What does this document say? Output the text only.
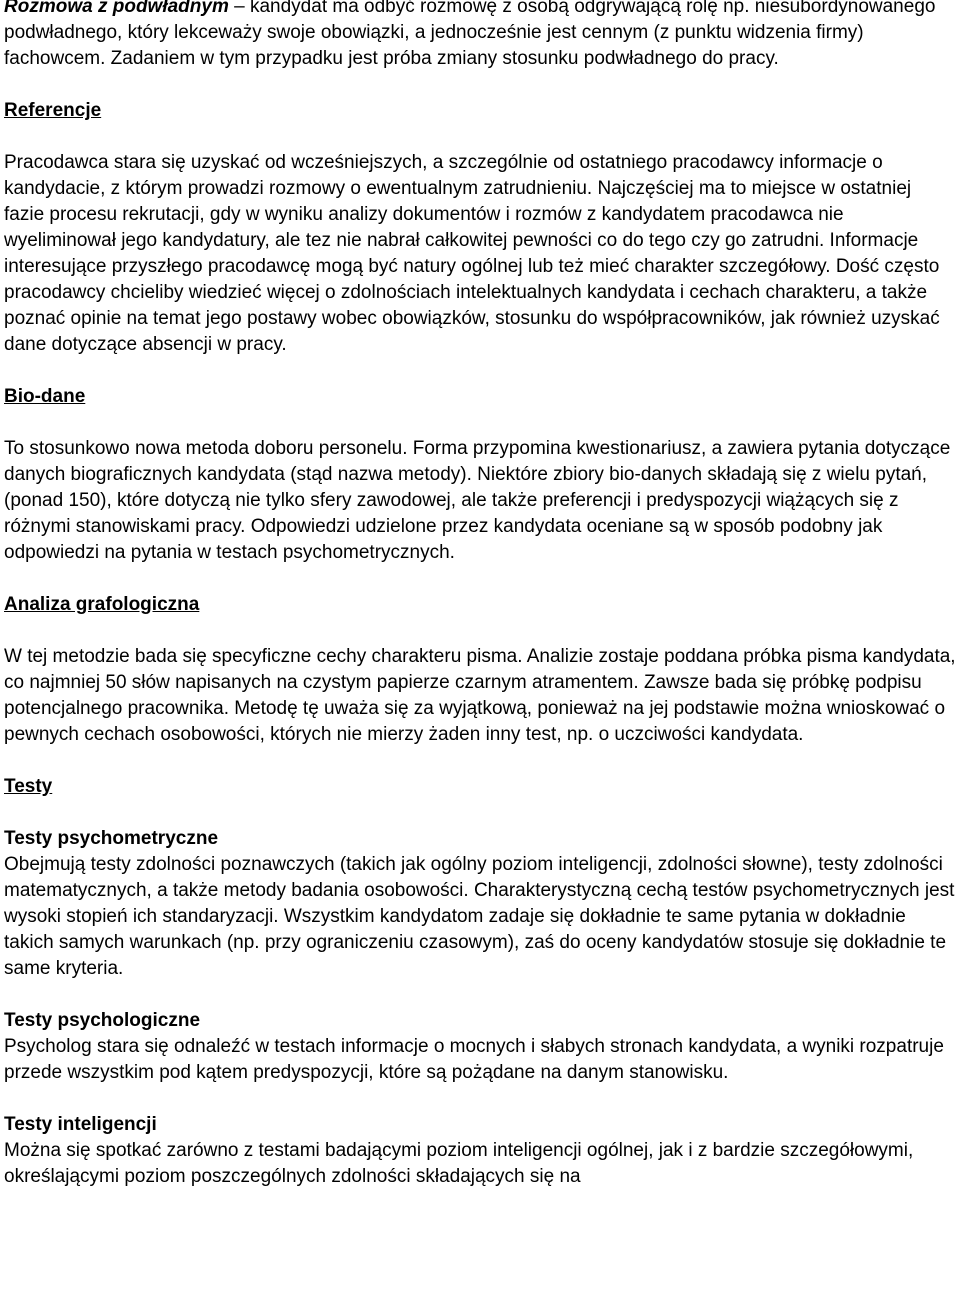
Rozmowa z podwładnym – kandydat ma odbyć rozmowę z osobą odgrywającą rolę np. niesubordynowanego podwładnego, który lekceważy swoje obowiązki, a jednocześnie jest cennym (z punktu widzenia firmy) fachowcem. Zadaniem w tym przypadku jest próba zmiany stosunku podwładnego do pracy.

Referencje

Pracodawca stara się uzyskać od wcześniejszych, a szczególnie od ostatniego pracodawcy informacje o kandydacie, z którym prowadzi rozmowy o ewentualnym zatrudnieniu. Najczęściej ma to miejsce w ostatniej fazie procesu rekrutacji, gdy w wyniku analizy dokumentów i rozmów z kandydatem pracodawca nie wyeliminował jego kandydatury, ale tez nie nabrał całkowitej pewności co do tego czy go zatrudni. Informacje interesujące przyszłego pracodawcę mogą być natury ogólnej lub też mieć charakter szczegółowy. Dość często pracodawcy chcieliby wiedzieć więcej o zdolnościach intelektualnych kandydata i cechach charakteru, a także poznać opinie na temat jego postawy wobec obowiązków, stosunku do współpracowników, jak również uzyskać dane dotyczące absencji w pracy.

Bio-dane

To stosunkowo nowa metoda doboru personelu. Forma przypomina kwestionariusz, a zawiera pytania dotyczące danych biograficznych kandydata (stąd nazwa metody). Niektóre zbiory bio-danych składają się z wielu pytań, (ponad 150), które dotyczą nie tylko sfery zawodowej, ale także preferencji i predyspozycji wiążących się z różnymi stanowiskami pracy. Odpowiedzi udzielone przez kandydata oceniane są w sposób podobny jak odpowiedzi na pytania w testach psychometrycznych.

Analiza grafologiczna

W tej metodzie bada się specyficzne cechy charakteru pisma. Analizie zostaje poddana próbka pisma kandydata, co najmniej 50 słów napisanych na czystym papierze czarnym atramentem. Zawsze bada się próbkę podpisu potencjalnego pracownika. Metodę tę uważa się za wyjątkową, ponieważ na jej podstawie można wnioskować o pewnych cechach osobowości, których nie mierzy żaden inny test, np. o uczciwości kandydata.

Testy

Testy psychometryczne

Obejmują testy zdolności poznawczych (takich jak ogólny poziom inteligencji, zdolności słowne), testy zdolności matematycznych, a także metody badania osobowości. Charakterystyczną cechą testów psychometrycznych jest wysoki stopień ich standaryzacji. Wszystkim kandydatom zadaje się dokładnie te same pytania w dokładnie takich samych warunkach (np. przy ograniczeniu czasowym), zaś do oceny kandydatów stosuje się dokładnie te same kryteria.

Testy psychologiczne

Psycholog stara się odnaleźć w testach informacje o mocnych i słabych stronach kandydata, a wyniki rozpatruje przede wszystkim pod kątem predyspozycji, które są pożądane na danym stanowisku.

Testy inteligencji

Można się spotkać zarówno z testami badającymi poziom inteligencji ogólnej, jak i z bardzie szczegółowymi, określającymi poziom poszczególnych zdolności składających się na
